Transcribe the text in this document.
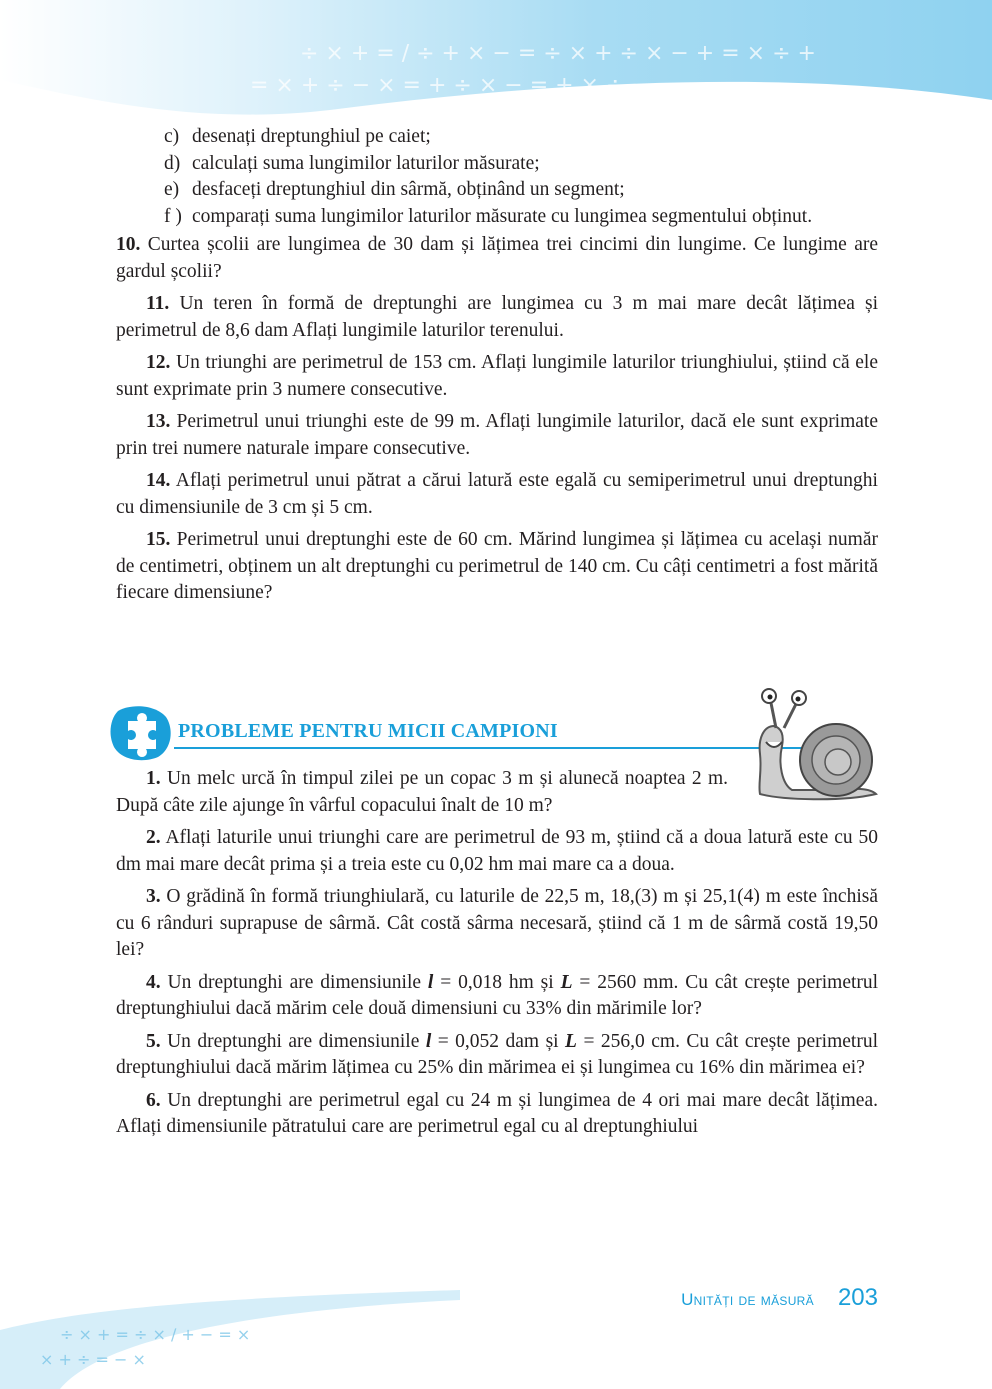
÷ × + = ∕ ÷ + × − = ÷ × + ÷ × − + = × ÷ +
= × + ÷ − × = + ÷ × − = + × ÷
÷ × + = ÷ × ∕ + − = ×
× + ÷ = − ×
c) desenați dreptunghiul pe caiet;
d) calculați suma lungimilor laturilor măsurate;
e) desfaceți dreptunghiul din sârmă, obținând un segment;
f ) comparați suma lungimilor laturilor măsurate cu lungimea segmentului obținut.

10. Curtea școlii are lungimea de 30 dam și lățimea trei cincimi din lungime. Ce lungime are gardul școlii?

11. Un teren în formă de dreptunghi are lungimea cu 3 m mai mare decât lățimea și perimetrul de 8,6 dam Aflați lungimile laturilor terenului.

12. Un triunghi are perimetrul de 153 cm. Aflați lungimile laturilor triunghiului, știind că ele sunt exprimate prin 3 numere consecutive.

13. Perimetrul unui triunghi este de 99 m. Aflați lungimile laturilor, dacă ele sunt exprimate prin trei numere naturale impare consecutive.

14. Aflați perimetrul unui pătrat a cărui latură este egală cu semiperimetrul unui dreptunghi cu dimensiunile de 3 cm și 5 cm.

15. Perimetrul unui dreptunghi este de 60 cm. Mărind lungimea și lățimea cu același număr de centimetri, obținem un alt dreptunghi cu perimetrul de 140 cm. Cu câți centimetri a fost mărită fiecare dimensiune?

PROBLEME PENTRU MICII CAMPIONI

1. Un melc urcă în timpul zilei pe un copac 3 m și alunecă noaptea 2 m. După câte zile ajunge în vârful copacului înalt de 10 m?

2. Aflați laturile unui triunghi care are perimetrul de 93 m, știind că a doua latură este cu 50 dm mai mare decât prima și a treia este cu 0,02 hm mai mare ca a doua.

3. O grădină în formă triunghiulară, cu laturile de 22,5 m, 18,(3) m și 25,1(4) m este închisă cu 6 rânduri suprapuse de sârmă. Cât costă sârma necesară, știind că 1 m de sârmă costă 19,50 lei?

4. Un dreptunghi are dimensiunile l = 0,018 hm și L = 2560 mm. Cu cât crește perimetrul dreptunghiului dacă mărim cele două dimensiuni cu 33% din mărimile lor?

5. Un dreptunghi are dimensiunile l = 0,052 dam și L = 256,0 cm. Cu cât crește perimetrul dreptunghiului dacă mărim lățimea cu 25% din mărimea ei și lungimea cu 16% din mărimea ei?

6. Un dreptunghi are perimetrul egal cu 24 m și lungimea de 4 ori mai mare decât lățimea. Aflați dimensiunile pătratului care are perimetrul egal cu al dreptunghiului

Unități de măsură 203
